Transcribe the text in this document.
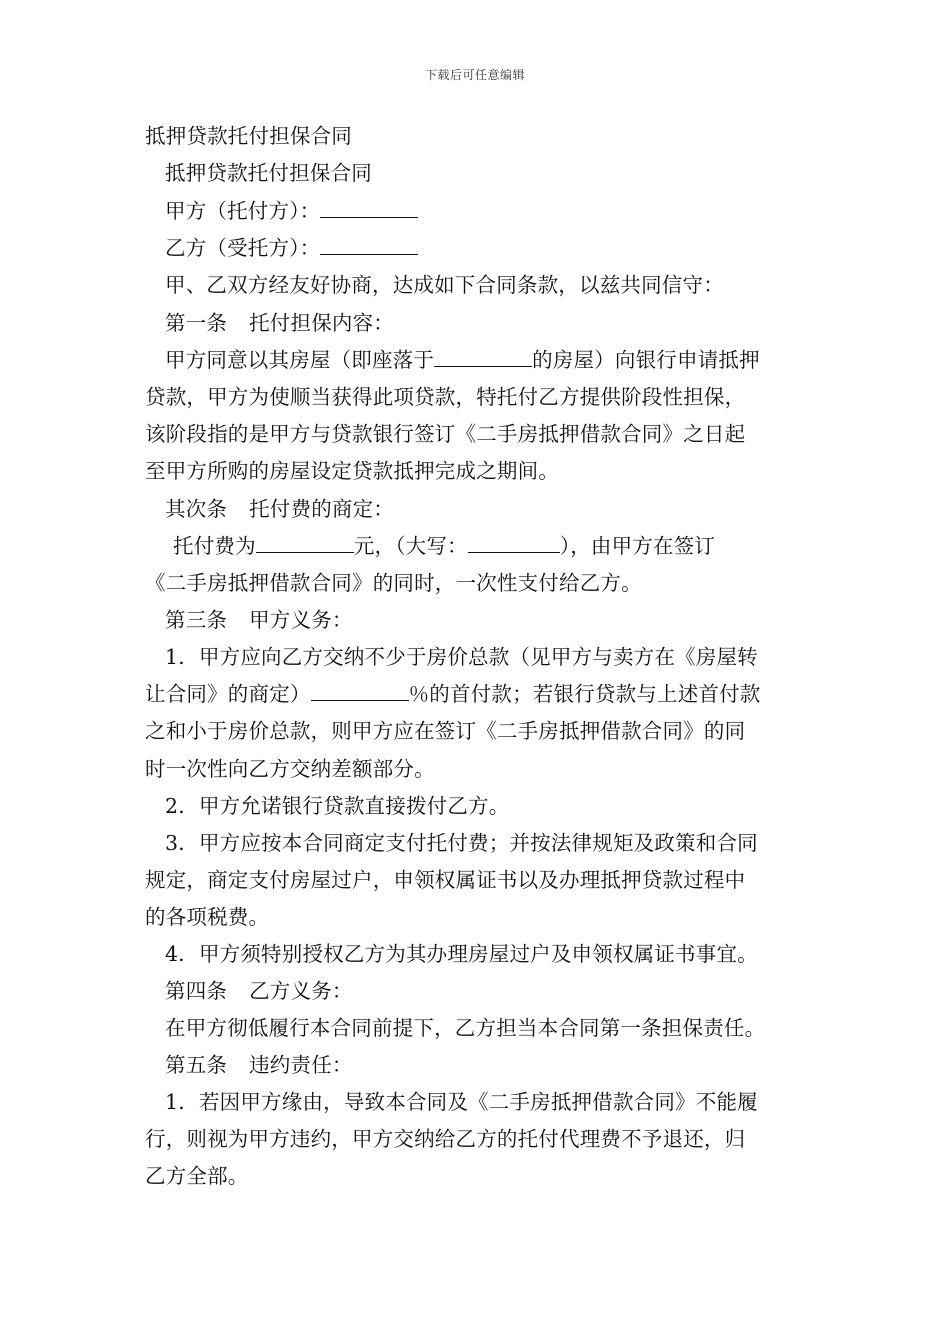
下载后可任意编辑
抵押贷款托付担保合同
抵押贷款托付担保合同
甲方（托付方）：
乙方（受托方）：
甲、乙双方经友好协商，达成如下合同条款，以兹共同信守：
第一条 托付担保内容：
甲方同意以其房屋（即座落于	的房屋）向银行申请抵押
贷款，甲方为使顺当获得此项贷款，特托付乙方提供阶段性担保，
该阶段指的是甲方与贷款银行签订《二手房抵押借款合同》之日起
至甲方所购的房屋设定贷款抵押完成之期间。
其次条 托付费的商定：
托付费为	元，（大写：	），由甲方在签订
《二手房抵押借款合同》的同时，一次性支付给乙方。
第三条 甲方义务：
1．甲方应向乙方交纳不少于房价总款（见甲方与卖方在《房屋转
让合同》的商定）	％的首付款；若银行贷款与上述首付款
之和小于房价总款，则甲方应在签订《二手房抵押借款合同》的同
时一次性向乙方交纳差额部分。
2．甲方允诺银行贷款直接拨付乙方。
3．甲方应按本合同商定支付托付费；并按法律规矩及政策和合同
规定，商定支付房屋过户，申领权属证书以及办理抵押贷款过程中
的各项税费。
4．甲方须特别授权乙方为其办理房屋过户及申领权属证书事宜。
第四条 乙方义务：
在甲方彻低履行本合同前提下，乙方担当本合同第一条担保责任。
第五条 违约责任：
1．若因甲方缘由，导致本合同及《二手房抵押借款合同》不能履
行，则视为甲方违约，甲方交纳给乙方的托付代理费不予退还，归
乙方全部。
